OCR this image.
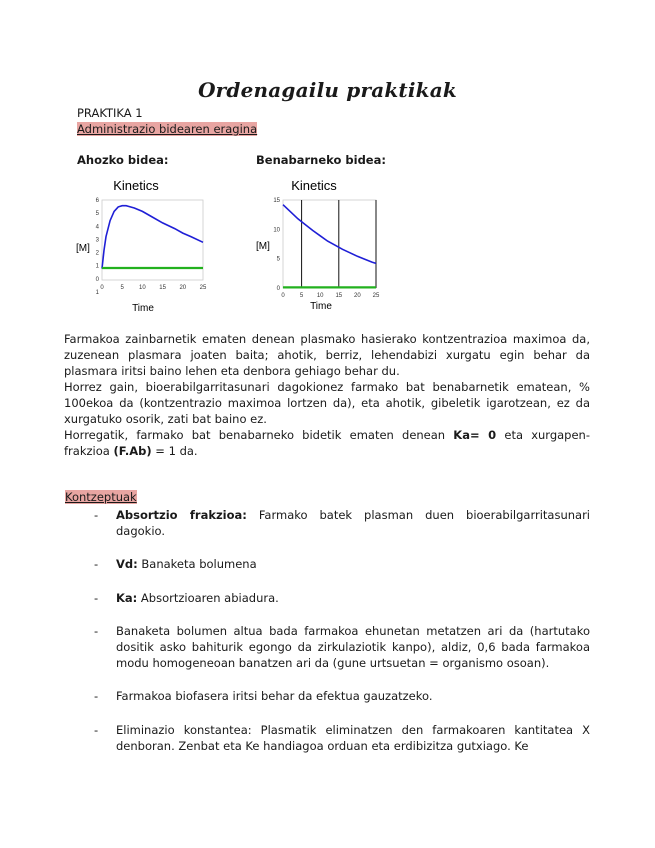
Ordenagailu praktikak
PRAKTIKA 1
Administrazio bidearen eragina
Ahozko bidea:	Benabarneko bidea:
Kinetics
[M]
Time
0	5	10 15 20 25
6
5
4
3
2
1
0
1
Kinetics
[M]
Time
0	5 10 15 20 25
15
10
5
0

Farmakoa zainbarnetik ematen denean plasmako hasierako kontzentrazioa maximoa da, zuzenean plasmara joaten baita; ahotik, berriz, lehendabizi xurgatu egin behar da plasmara iritsi baino lehen eta denbora gehiago behar du.

Horrez gain, bioerabilgarritasunari dagokionez farmako bat benabarnetik ematean, % 100ekoa da (kontzentrazio maximoa lortzen da), eta ahotik, gibeletik igarotzean, ez da xurgatuko osorik, zati bat baino ez.

Horregatik, farmako bat benabarneko bidetik ematen denean Ka= 0 eta xurgapen-frakzioa (F.Ab) = 1 da.

Kontzeptuak
- Absortzio frakzioa: Farmako batek plasman duen bioerabilgarritasunari dagokio.
- Vd: Banaketa bolumena
- Ka: Absortzioaren abiadura.
- Banaketa bolumen altua bada farmakoa ehunetan metatzen ari da (hartutako dositik asko bahiturik egongo da zirkulaziotik kanpo), aldiz, 0,6 bada farmakoa modu homogeneoan banatzen ari da (gune urtsuetan = organismo osoan).
- Farmakoa biofasera iritsi behar da efektua gauzatzeko.
- Eliminazio konstantea: Plasmatik eliminatzen den farmakoaren kantitatea X denboran. Zenbat eta Ke handiagoa orduan eta erdibizitza gutxiago. Ke
